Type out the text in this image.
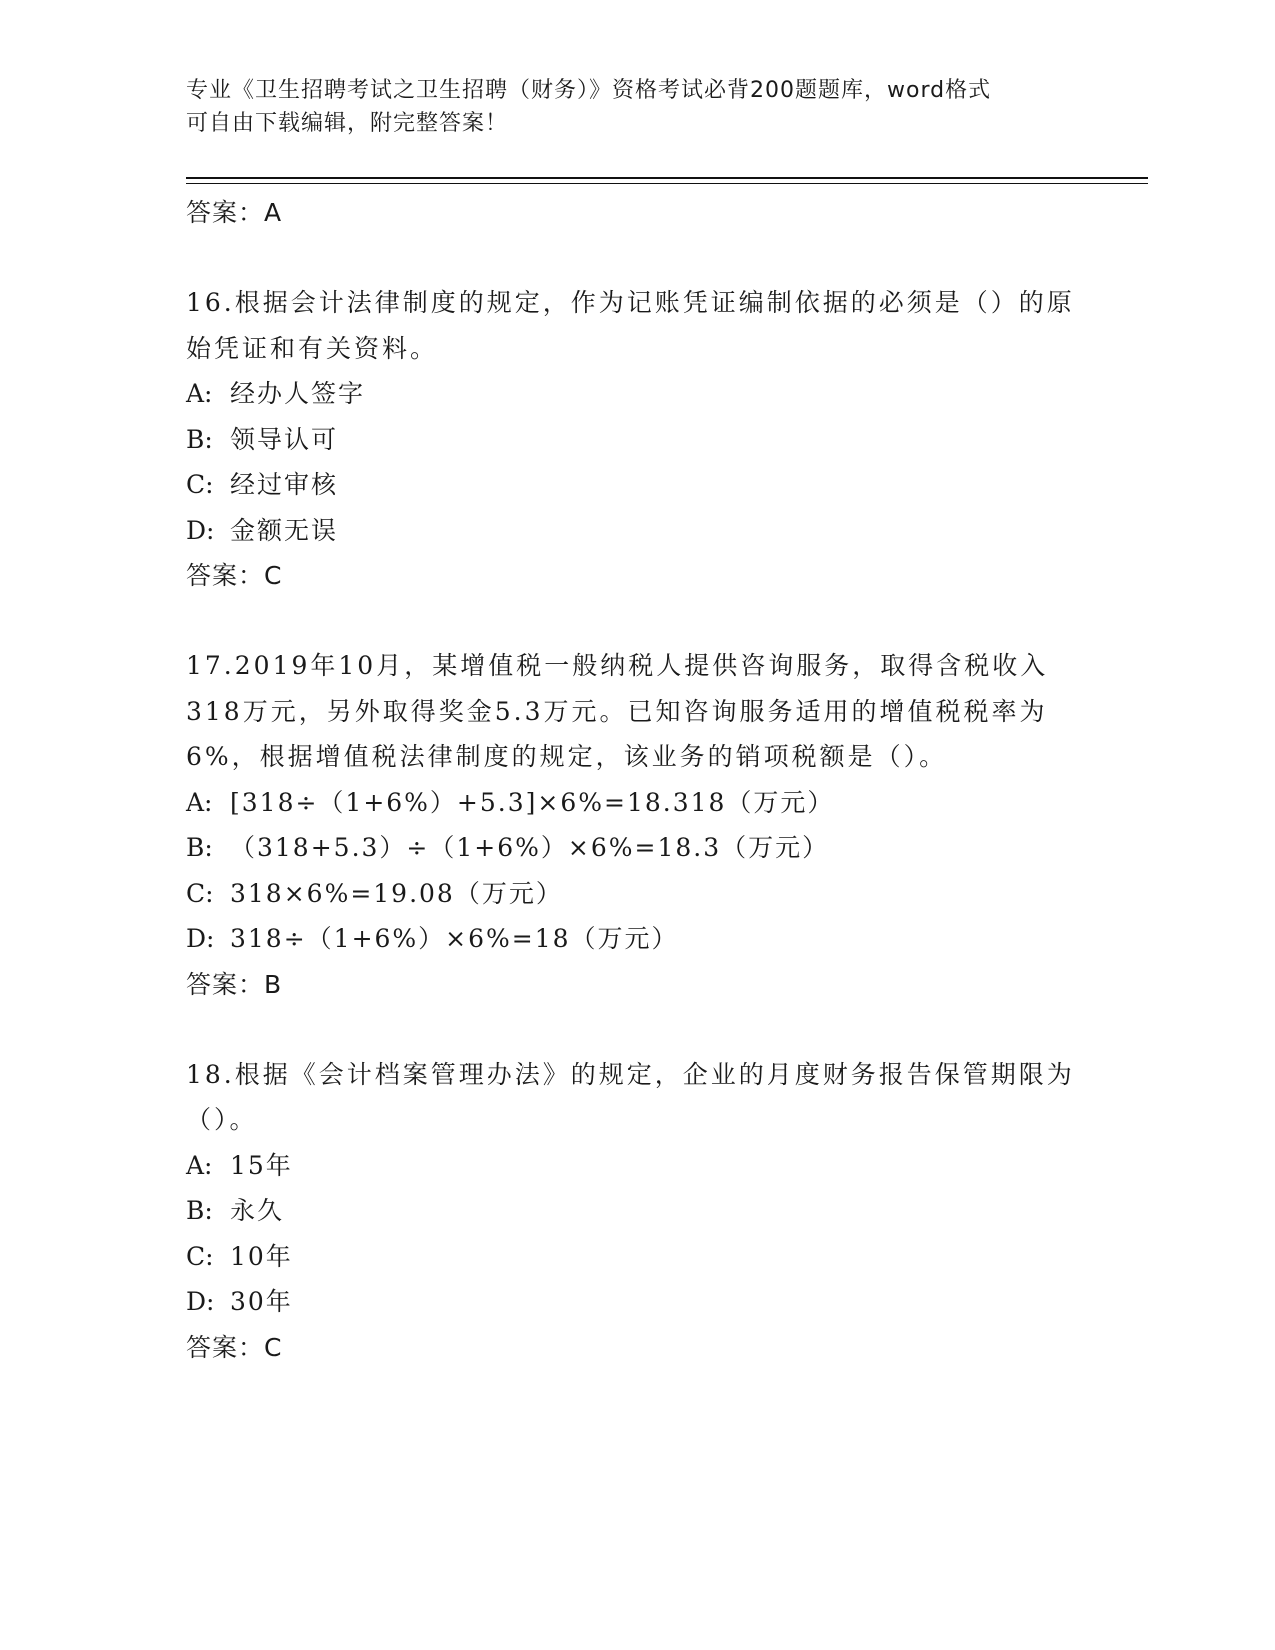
专业《卫生招聘考试之卫生招聘（财务）》资格考试必背200题题库，word格式
可自由下载编辑，附完整答案！
答案：A
16.根据会计法律制度的规定，作为记账凭证编制依据的必须是（）的原始凭证和有关资料。
A: 经办人签字
B: 领导认可
C: 经过审核
D: 金额无误
答案：C
17.2019年10月，某增值税一般纳税人提供咨询服务，取得含税收入318万元，另外取得奖金5.3万元。已知咨询服务适用的增值税税率为6%，根据增值税法律制度的规定，该业务的销项税额是（）。
A: [318÷（1+6%）+5.3]×6%=18.318（万元）
B: （318+5.3）÷（1+6%）×6%=18.3（万元）
C: 318×6%=19.08（万元）
D: 318÷（1+6%）×6%=18（万元）
答案：B
18.根据《会计档案管理办法》的规定，企业的月度财务报告保管期限为（）。
A: 15年
B: 永久
C: 10年
D: 30年
答案：C
